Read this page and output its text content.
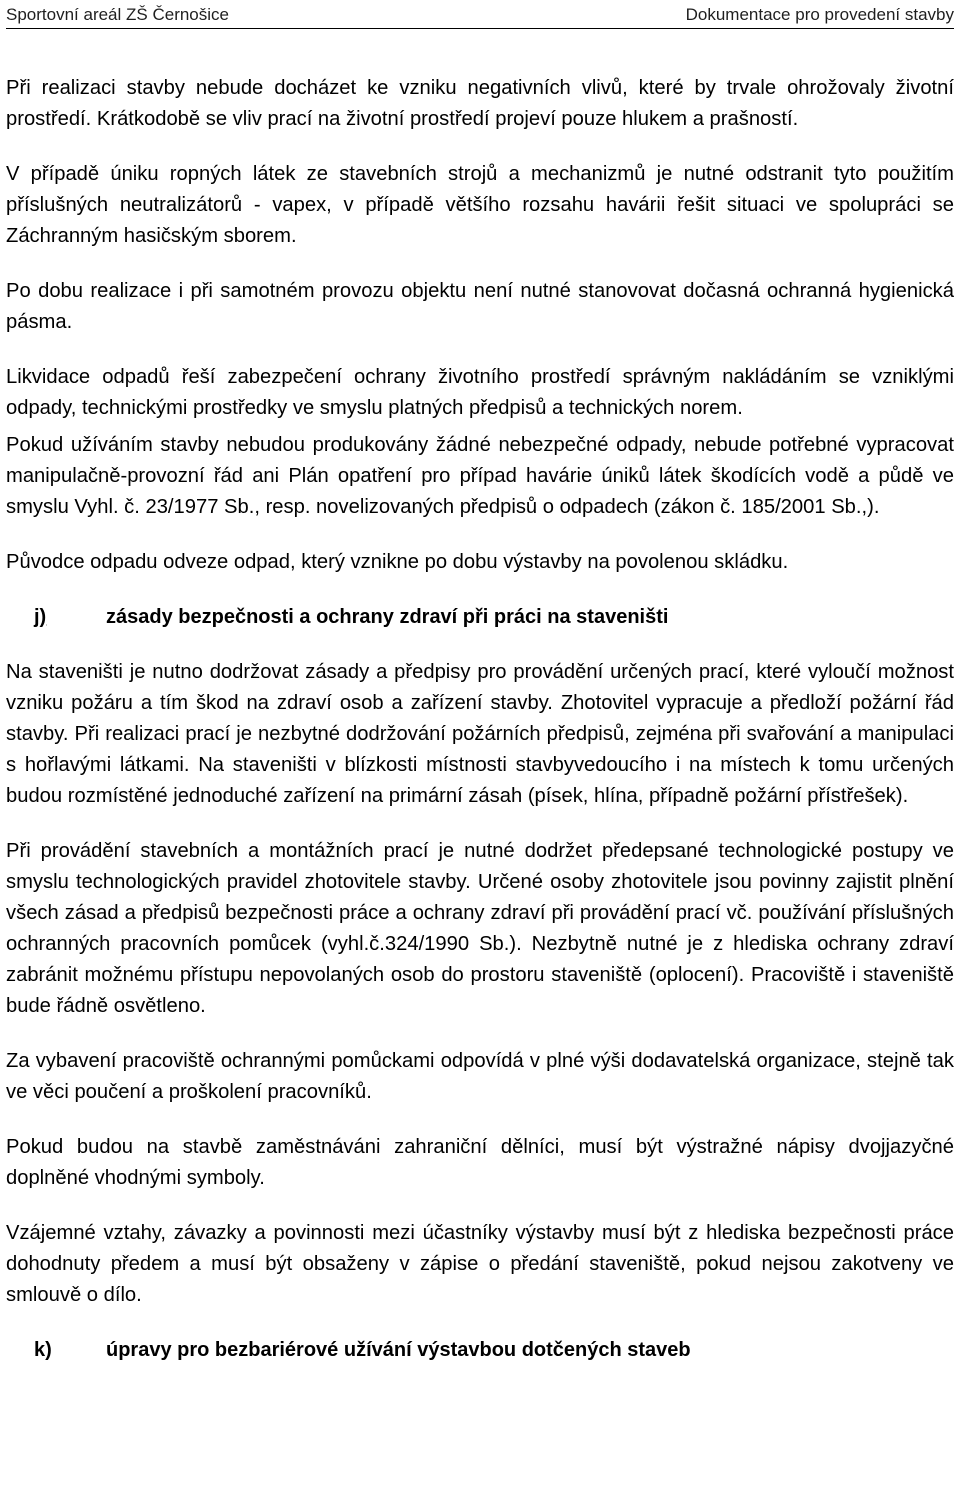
Sportovní areál ZŠ Černošice	Dokumentace pro provedení stavby

Při realizaci stavby nebude docházet ke vzniku negativních vlivů, které by trvale ohrožovaly životní prostředí. Krátkodobě se vliv prací na životní prostředí projeví pouze hlukem a prašností.

V případě úniku ropných látek ze stavebních strojů a mechanizmů je nutné odstranit tyto použitím příslušných neutralizátorů - vapex, v případě většího rozsahu havárii řešit situaci ve spolupráci se Záchranným hasičským sborem.

Po dobu realizace i při samotném provozu objektu není nutné stanovovat dočasná ochranná hygienická pásma.

Likvidace odpadů řeší zabezpečení ochrany životního prostředí správným nakládáním se vzniklými odpady, technickými prostředky ve smyslu platných předpisů a technických norem.

Pokud užíváním stavby nebudou produkovány žádné nebezpečné odpady, nebude potřebné vypracovat manipulačně-provozní řád ani Plán opatření pro případ havárie úniků látek škodících vodě a půdě ve smyslu Vyhl. č. 23/1977 Sb., resp. novelizovaných předpisů o odpadech (zákon č. 185/2001 Sb.,).

Původce odpadu odveze odpad, který vznikne po dobu výstavby na povolenou skládku.

j)	zásady bezpečnosti a ochrany zdraví při práci na staveništi

Na staveništi je nutno dodržovat zásady a předpisy pro provádění určených prací, které vyloučí možnost vzniku požáru a tím škod na zdraví osob a zařízení stavby. Zhotovitel vypracuje a předloží požární řád stavby. Při realizaci prací je nezbytné dodržování požárních předpisů, zejména při svařování a manipulaci s hořlavými látkami. Na staveništi v blízkosti místnosti stavbyvedoucího i na místech k tomu určených budou rozmístěné jednoduché zařízení na primární zásah (písek, hlína, případně požární přístřešek).

Při provádění stavebních a montážních prací je nutné dodržet předepsané technologické postupy ve smyslu technologických pravidel zhotovitele stavby. Určené osoby zhotovitele jsou povinny zajistit plnění všech zásad a předpisů bezpečnosti práce a ochrany zdraví při provádění prací vč. používání příslušných ochranných pracovních pomůcek (vyhl.č.324/1990 Sb.). Nezbytně nutné je z hlediska ochrany zdraví zabránit možnému přístupu nepovolaných osob do prostoru staveniště (oplocení). Pracoviště i staveniště bude řádně osvětleno.

Za vybavení pracoviště ochrannými pomůckami odpovídá v plné výši dodavatelská organizace, stejně tak ve věci poučení a proškolení pracovníků.

Pokud budou na stavbě zaměstnáváni zahraniční dělníci, musí být výstražné nápisy dvojjazyčné doplněné vhodnými symboly.

Vzájemné vztahy, závazky a povinnosti mezi účastníky výstavby musí být z hlediska bezpečnosti práce dohodnuty předem a musí být obsaženy v zápise o předání staveniště, pokud nejsou zakotveny ve smlouvě o dílo.

k)	úpravy pro bezbariérové užívání výstavbou dotčených staveb
